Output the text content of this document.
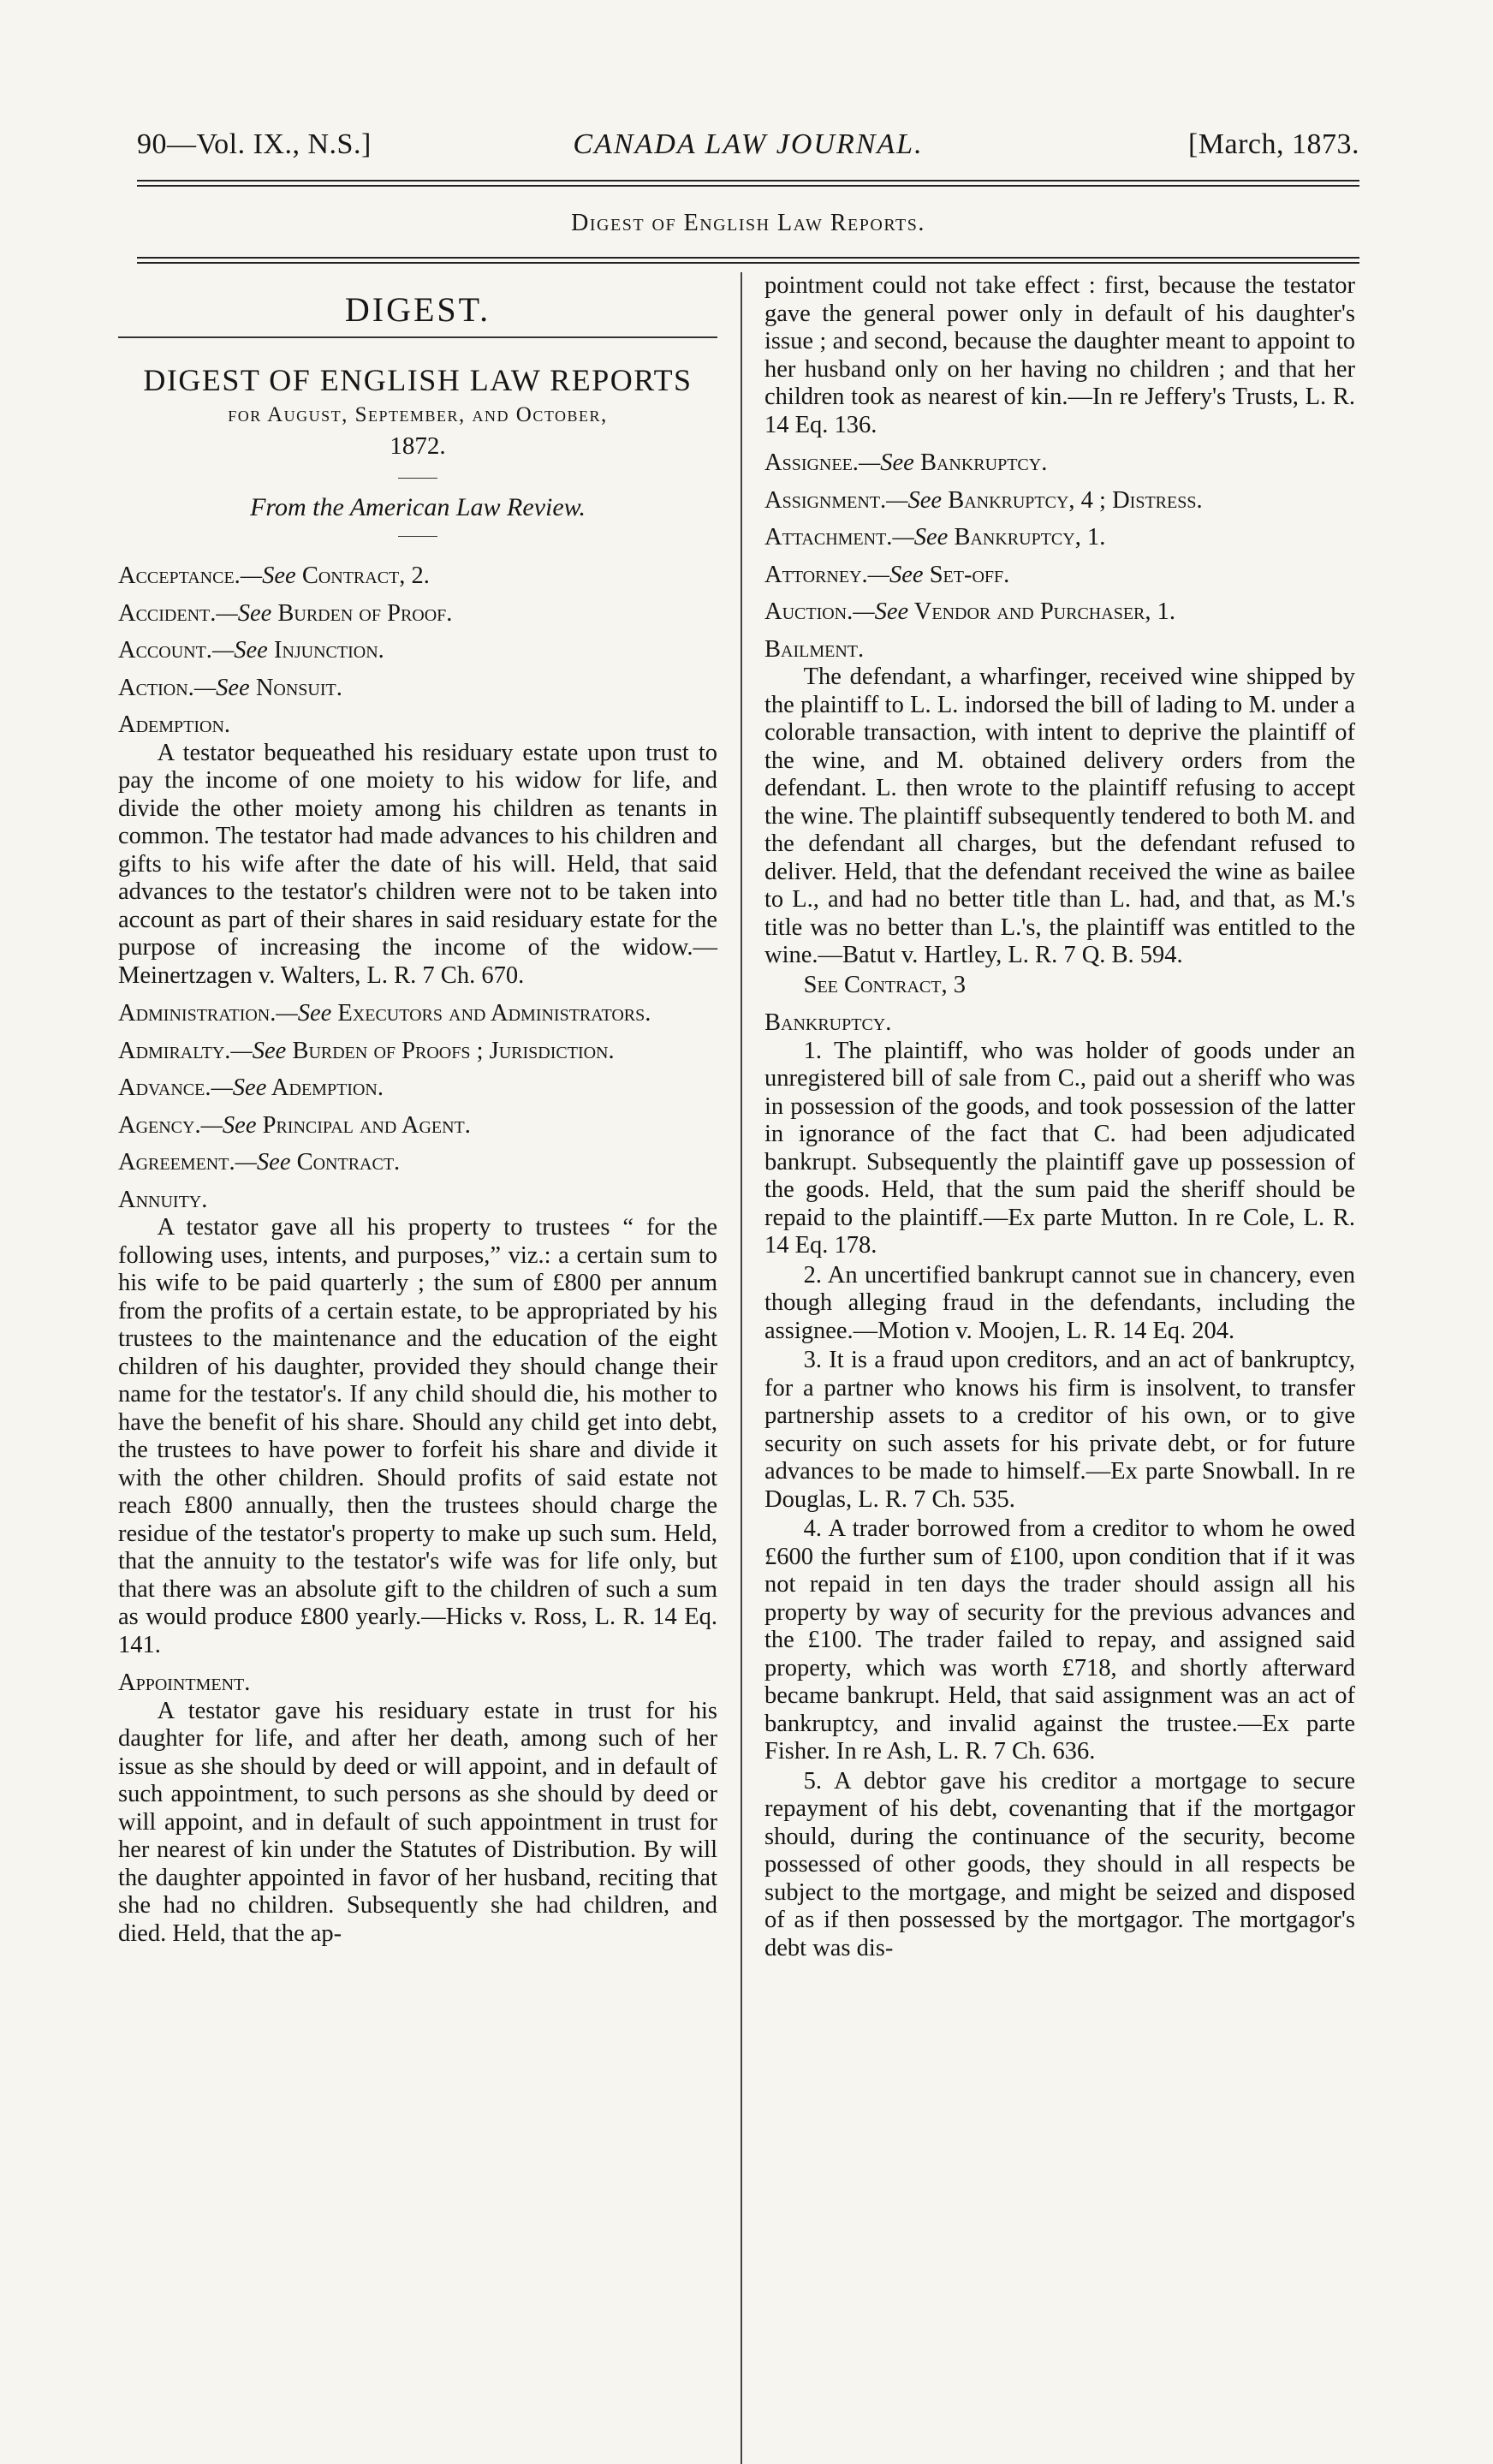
90—Vol. IX., N.S.]	CANADA LAW JOURNAL.	[March, 1873.
Digest of English Law Reports.
DIGEST.
DIGEST OF ENGLISH LAW REPORTS
for August, September, and October,
1872.
From the American Law Review.
Acceptance.—See Contract, 2.
Accident.—See Burden of Proof.
Account.—See Injunction.
Action.—See Nonsuit.
Ademption.
A testator bequeathed his residuary estate upon trust to pay the income of one moiety to his widow for life, and divide the other moiety among his children as tenants in common. The testator had made advances to his children and gifts to his wife after the date of his will. Held, that said advances to the testator's children were not to be taken into account as part of their shares in said residuary estate for the purpose of increasing the income of the widow.—Meinertzagen v. Walters, L. R. 7 Ch. 670.
Administration.—See Executors and Administrators.
Admiralty.—See Burden of Proofs ; Jurisdiction.
Advance.—See Ademption.
Agency.—See Principal and Agent.
Agreement.—See Contract.
Annuity.
A testator gave all his property to trustees “ for the following uses, intents, and purposes,” viz.: a certain sum to his wife to be paid quarterly ; the sum of £800 per annum from the profits of a certain estate, to be appropriated by his trustees to the maintenance and the education of the eight children of his daughter, provided they should change their name for the testator's. If any child should die, his mother to have the benefit of his share. Should any child get into debt, the trustees to have power to forfeit his share and divide it with the other children. Should profits of said estate not reach £800 annually, then the trustees should charge the residue of the testator's property to make up such sum. Held, that the annuity to the testator's wife was for life only, but that there was an absolute gift to the children of such a sum as would produce £800 yearly.—Hicks v. Ross, L. R. 14 Eq. 141.
Appointment.
A testator gave his residuary estate in trust for his daughter for life, and after her death, among such of her issue as she should by deed or will appoint, and in default of such appointment, to such persons as she should by deed or will appoint, and in default of such appointment in trust for her nearest of kin under the Statutes of Distribution. By will the daughter appointed in favor of her husband, reciting that she had no children. Subsequently she had children, and died. Held, that the ap-
pointment could not take effect : first, because the testator gave the general power only in default of his daughter's issue ; and second, because the daughter meant to appoint to her husband only on her having no children ; and that her children took as nearest of kin.—In re Jeffery's Trusts, L. R. 14 Eq. 136.
Assignee.—See Bankruptcy.
Assignment.—See Bankruptcy, 4 ; Distress.
Attachment.—See Bankruptcy, 1.
Attorney.—See Set-off.
Auction.—See Vendor and Purchaser, 1.
Bailment.
The defendant, a wharfinger, received wine shipped by the plaintiff to L. L. indorsed the bill of lading to M. under a colorable transaction, with intent to deprive the plaintiff of the wine, and M. obtained delivery orders from the defendant. L. then wrote to the plaintiff refusing to accept the wine. The plaintiff subsequently tendered to both M. and the defendant all charges, but the defendant refused to deliver. Held, that the defendant received the wine as bailee to L., and had no better title than L. had, and that, as M.'s title was no better than L.'s, the plaintiff was entitled to the wine.—Batut v. Hartley, L. R. 7 Q. B. 594.
See Contract, 3
Bankruptcy.
1. The plaintiff, who was holder of goods under an unregistered bill of sale from C., paid out a sheriff who was in possession of the goods, and took possession of the latter in ignorance of the fact that C. had been adjudicated bankrupt. Subsequently the plaintiff gave up possession of the goods. Held, that the sum paid the sheriff should be repaid to the plaintiff.—Ex parte Mutton. In re Cole, L. R. 14 Eq. 178.
2. An uncertified bankrupt cannot sue in chancery, even though alleging fraud in the defendants, including the assignee.—Motion v. Moojen, L. R. 14 Eq. 204.
3. It is a fraud upon creditors, and an act of bankruptcy, for a partner who knows his firm is insolvent, to transfer partnership assets to a creditor of his own, or to give security on such assets for his private debt, or for future advances to be made to himself.—Ex parte Snowball. In re Douglas, L. R. 7 Ch. 535.
4. A trader borrowed from a creditor to whom he owed £600 the further sum of £100, upon condition that if it was not repaid in ten days the trader should assign all his property by way of security for the previous advances and the £100. The trader failed to repay, and assigned said property, which was worth £718, and shortly afterward became bankrupt. Held, that said assignment was an act of bankruptcy, and invalid against the trustee.—Ex parte Fisher. In re Ash, L. R. 7 Ch. 636.
5. A debtor gave his creditor a mortgage to secure repayment of his debt, covenanting that if the mortgagor should, during the continuance of the security, become possessed of other goods, they should in all respects be subject to the mortgage, and might be seized and disposed of as if then possessed by the mortgagor. The mortgagor's debt was dis-
